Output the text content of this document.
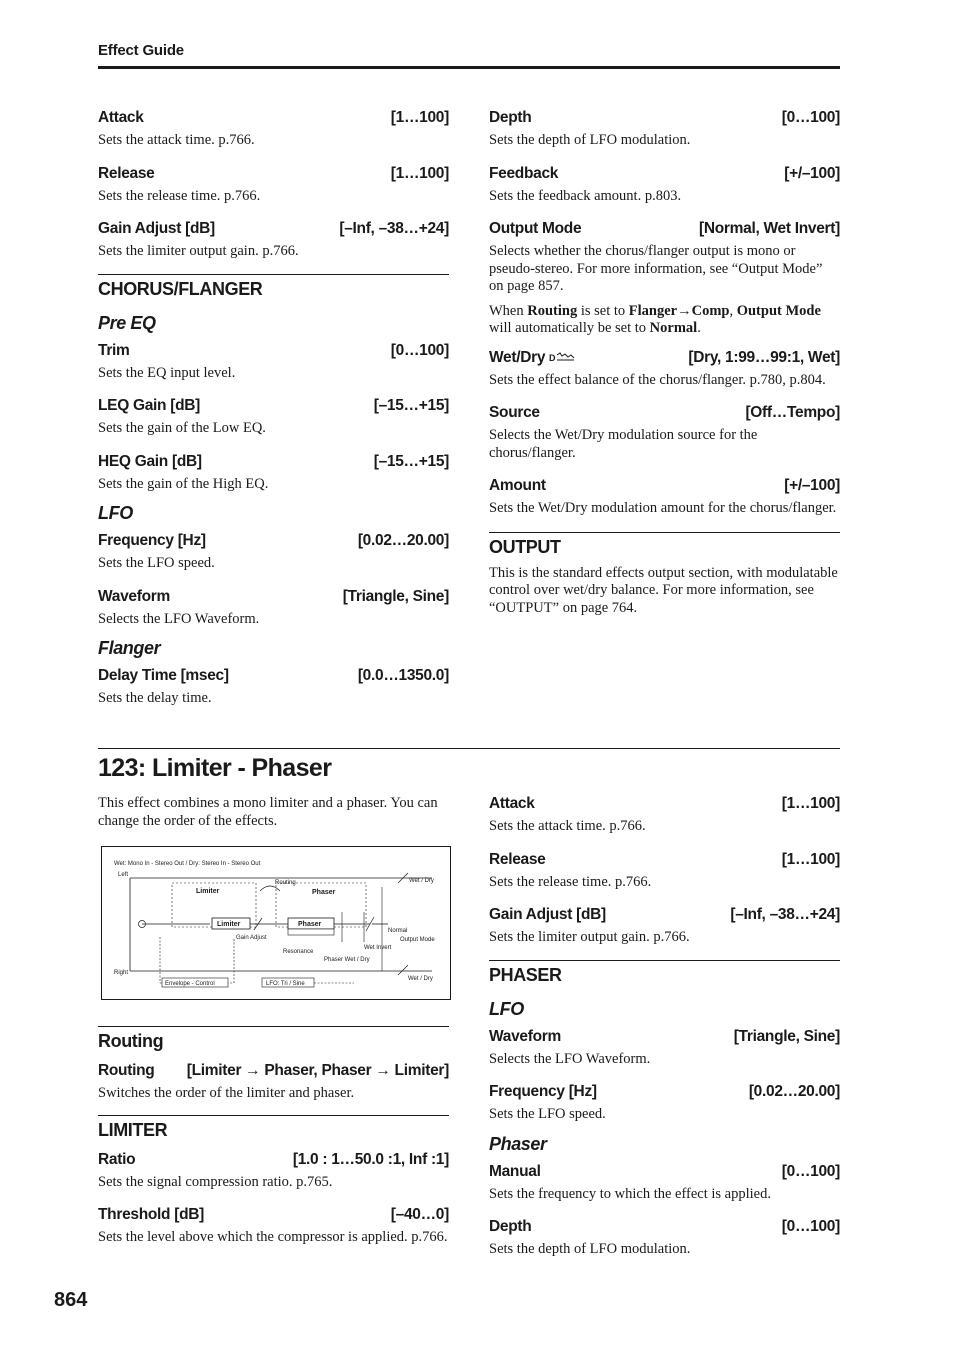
Effect Guide
Attack	[1…100]

Sets the attack time. p.766.

Release	[1…100]

Sets the release time. p.766.

Gain Adjust [dB]	[–Inf, –38…+24]

Sets the limiter output gain. p.766.

CHORUS/FLANGER
Pre EQ
Trim	[0…100]

Sets the EQ input level.

LEQ Gain [dB]	[–15…+15]

Sets the gain of the Low EQ.

HEQ Gain [dB]	[–15…+15]

Sets the gain of the High EQ.

LFO
Frequency [Hz]	[0.02…20.00]

Sets the LFO speed.

Waveform	[Triangle, Sine]

Selects the LFO Waveform.

Flanger
Delay Time [msec]	[0.0…1350.0]

Sets the delay time.

Depth	[0…100]

Sets the depth of LFO modulation.

Feedback	[+/–100]

Sets the feedback amount. p.803.

Output Mode	[Normal, Wet Invert]

Selects whether the chorus/flanger output is mono or pseudo-stereo. For more information, see “Output Mode” on page 857.

When Routing is set to Flanger→Comp, Output Mode will automatically be set to Normal.

Wet/Dry D	[Dry, 1:99…99:1, Wet]

Sets the effect balance of the chorus/flanger. p.780, p.804.

Source	[Off…Tempo]

Selects the Wet/Dry modulation source for the chorus/flanger.

Amount	[+/–100]

Sets the Wet/Dry modulation amount for the chorus/flanger.

OUTPUT

This is the standard effects output section, with modulatable control over wet/dry balance. For more information, see “OUTPUT” on page 764.

123: Limiter - Phaser

This effect combines a mono limiter and a phaser. You can change the order of the effects.

Wet: Mono In - Stereo Out / Dry: Stereo In - Stereo Out
Left
Right
Limiter	Phaser
Routing
Limiter
Gain Adjust
Phaser
Resonance
Phaser Wet / Dry
Normal
Wet Invert
Output Mode
Wet / Dry
Wet / Dry
Envelope - Control	LFO: Tri / Sine
Routing
Routing [Limiter → Phaser, Phaser → Limiter]

Switches the order of the limiter and phaser.

LIMITER
Ratio	[1.0 : 1…50.0 :1, Inf :1]

Sets the signal compression ratio. p.765.

Threshold [dB]	[–40…0]

Sets the level above which the compressor is applied. p.766.

Attack	[1…100]

Sets the attack time. p.766.

Release	[1…100]

Sets the release time. p.766.

Gain Adjust [dB]	[–Inf, –38…+24]

Sets the limiter output gain. p.766.

PHASER
LFO
Waveform	[Triangle, Sine]

Selects the LFO Waveform.

Frequency [Hz]	[0.02…20.00]

Sets the LFO speed.

Phaser
Manual	[0…100]

Sets the frequency to which the effect is applied.

Depth	[0…100]

Sets the depth of LFO modulation.

864
